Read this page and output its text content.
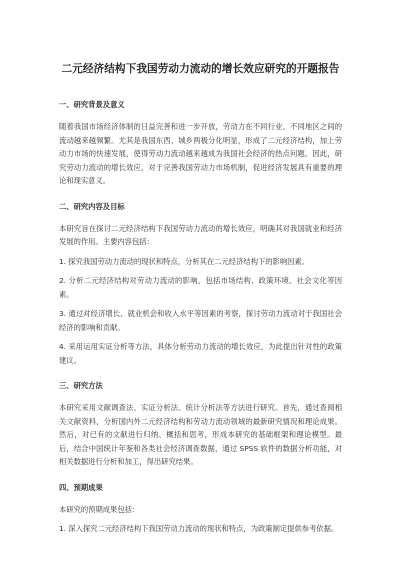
二元经济结构下我国劳动力流动的增长效应研究的开题报告
一、研究背景及意义

随着我国市场经济体制的日益完善和进一步开放，劳动力在不同行业、不同地区之间的流动越来越频繁。尤其是我国东西、城乡两极分化明显，形成了二元经济结构，加上劳动力市场的快速发展，使得劳动力流动越来越成为我国社会经济的热点问题。因此，研究劳动力流动的增长效应，对于完善我国劳动力市场机制，促进经济发展具有重要的理论和现实意义。

二、研究内容及目标

本研究旨在探讨二元经济结构下我国劳动力流动的增长效应，明确其对我国就业和经济发展的作用。主要内容包括：

1. 探究我国劳动力流动的现状和特点，分析其在二元经济结构下的影响因素。

2. 分析二元经济结构对劳动力流动的影响，包括市场结构、政策环境、社会文化等因素。

3. 通过对经济增长、就业机会和收入水平等因素的考察，探讨劳动力流动对于我国社会经济的影响和贡献。

4. 采用运用实证分析等方法，具体分析劳动力流动的增长效应，为此提出针对性的政策建议。

三、研究方法

本研究采用文献调查法、实证分析法、统计分析法等方法进行研究。首先，通过查阅相关文献资料，分析国内外二元经济结构和劳动力流动领域的最新研究情况和理论成果。然后，对已有的文献进行归纳、概括和思考，形成本研究的基础框架和理论模型。最后，结合中国统计年鉴和各类社会经济调查数据，通过 SPSS 软件的数据分析功能，对相关数据进行分析和加工，得出研究结果。

四、预期成果

本研究的预期成果包括：

1. 深入探究二元经济结构下我国劳动力流动的现状和特点，为政策制定提供参考依据。
